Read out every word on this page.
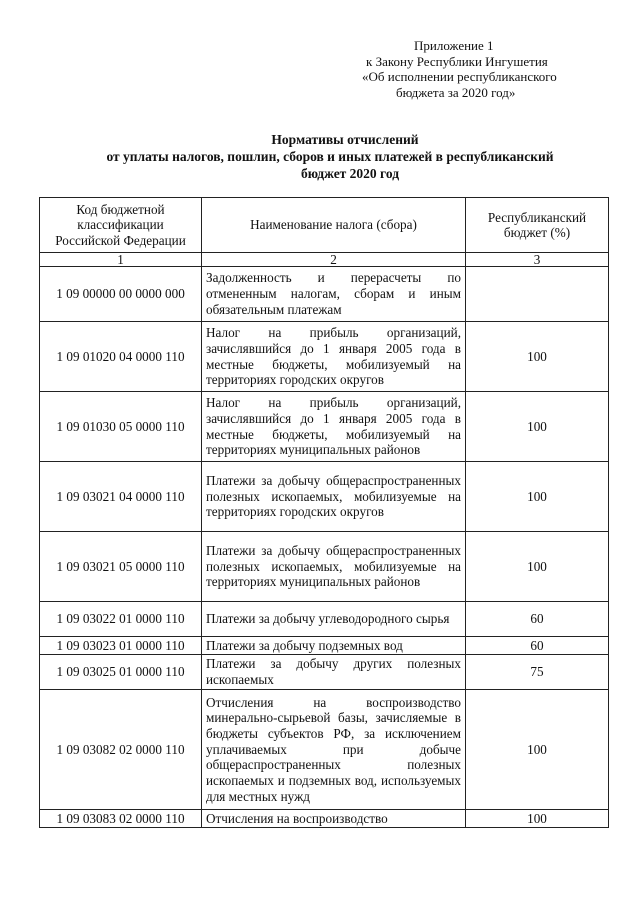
Приложение 1
к Закону Республики Ингушетия
«Об исполнении республиканского
бюджета за 2020 год»
Нормативы отчислений
от уплаты налогов, пошлин, сборов и иных платежей в республиканский
бюджет 2020 год
Код бюджетной классификации Российской Федерации	Наименование налога (сбора)	Республиканский бюджет (%)
1	2	3
1 09 00000 00 0000 000	Задолженность и перерасчеты по отмененным налогам, сборам и иным обязательным платежам	
1 09 01020 04 0000 110	Налог на прибыль организаций, зачислявшийся до 1 января 2005 года в местные бюджеты, мобилизуемый на территориях городских округов	100
1 09 01030 05 0000 110	Налог на прибыль организаций, зачислявшийся до 1 января 2005 года в местные бюджеты, мобилизуемый на территориях муниципальных районов	100
1 09 03021 04 0000 110	Платежи за добычу общераспространенных полезных ископаемых, мобилизуемые на территориях городских округов	100
1 09 03021 05 0000 110	Платежи за добычу общераспространенных полезных ископаемых, мобилизуемые на территориях муниципальных районов	100
1 09 03022 01 0000 110	Платежи за добычу углеводородного сырья	60
1 09 03023 01 0000 110	Платежи за добычу подземных вод	60
1 09 03025 01 0000 110	Платежи за добычу других полезных ископаемых	75
1 09 03082 02 0000 110	Отчисления на воспроизводство минерально-сырьевой базы, зачисляемые в бюджеты субъектов РФ, за исключением уплачиваемых при добыче общераспространенных полезных ископаемых и подземных вод, используемых для местных нужд	100
1 09 03083 02 0000 110	Отчисления на воспроизводство	100
